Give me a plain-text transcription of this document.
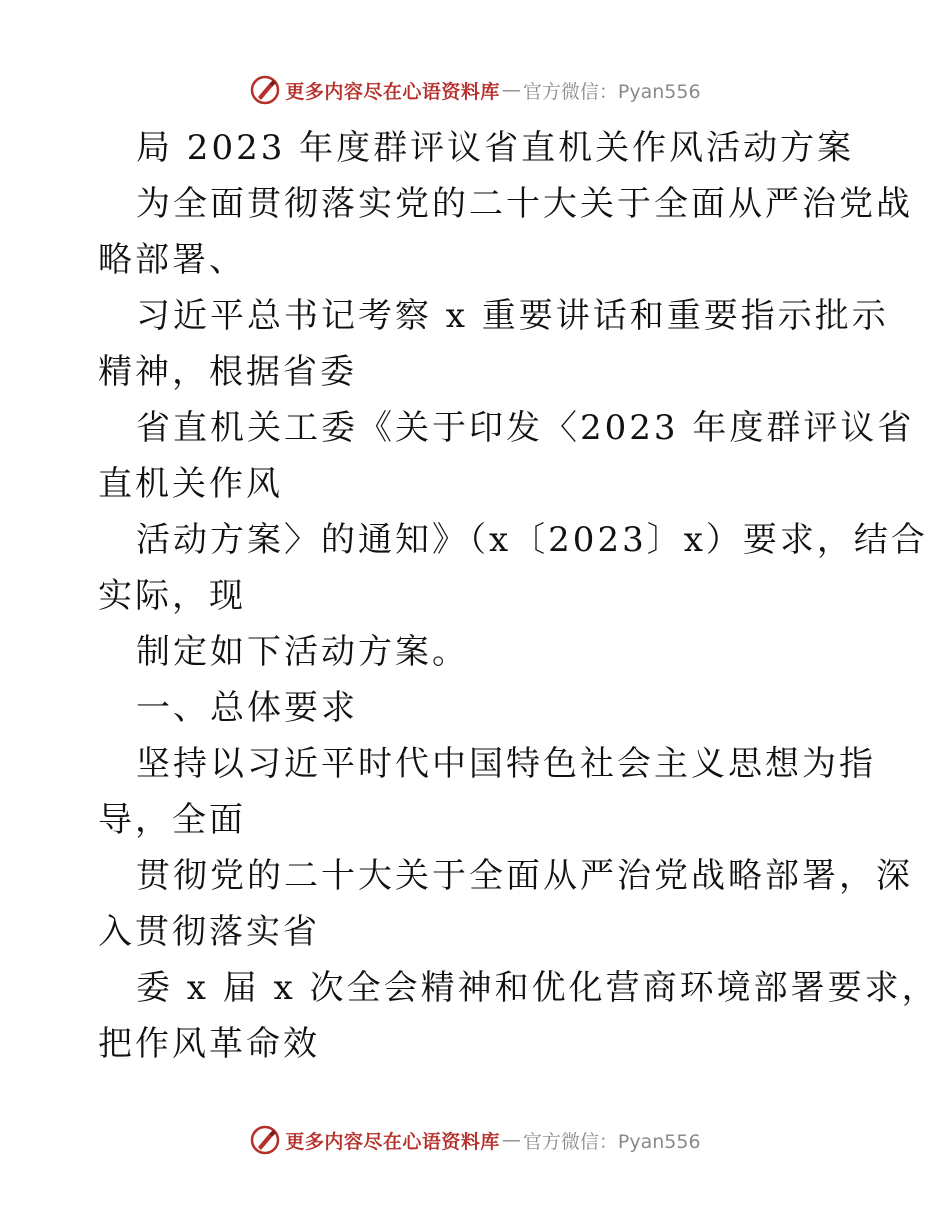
更多内容尽在心语资料库 — 官方微信：Pyan556

局 2023 年度群评议省直机关作风活动方案

为全面贯彻落实党的二十大关于全面从严治党战

略部署、

习近平总书记考察 x 重要讲话和重要指示批示

精神，根据省委

省直机关工委《关于印发〈2023 年度群评议省

直机关作风

活动方案〉的通知》（x〔2023〕x）要求，结合

实际，现

制定如下活动方案。

一、总体要求

坚持以习近平时代中国特色社会主义思想为指

导，全面

贯彻党的二十大关于全面从严治党战略部署，深

入贯彻落实省

委 x 届 x 次全会精神和优化营商环境部署要求，

把作风革命效

更多内容尽在心语资料库 — 官方微信：Pyan556
